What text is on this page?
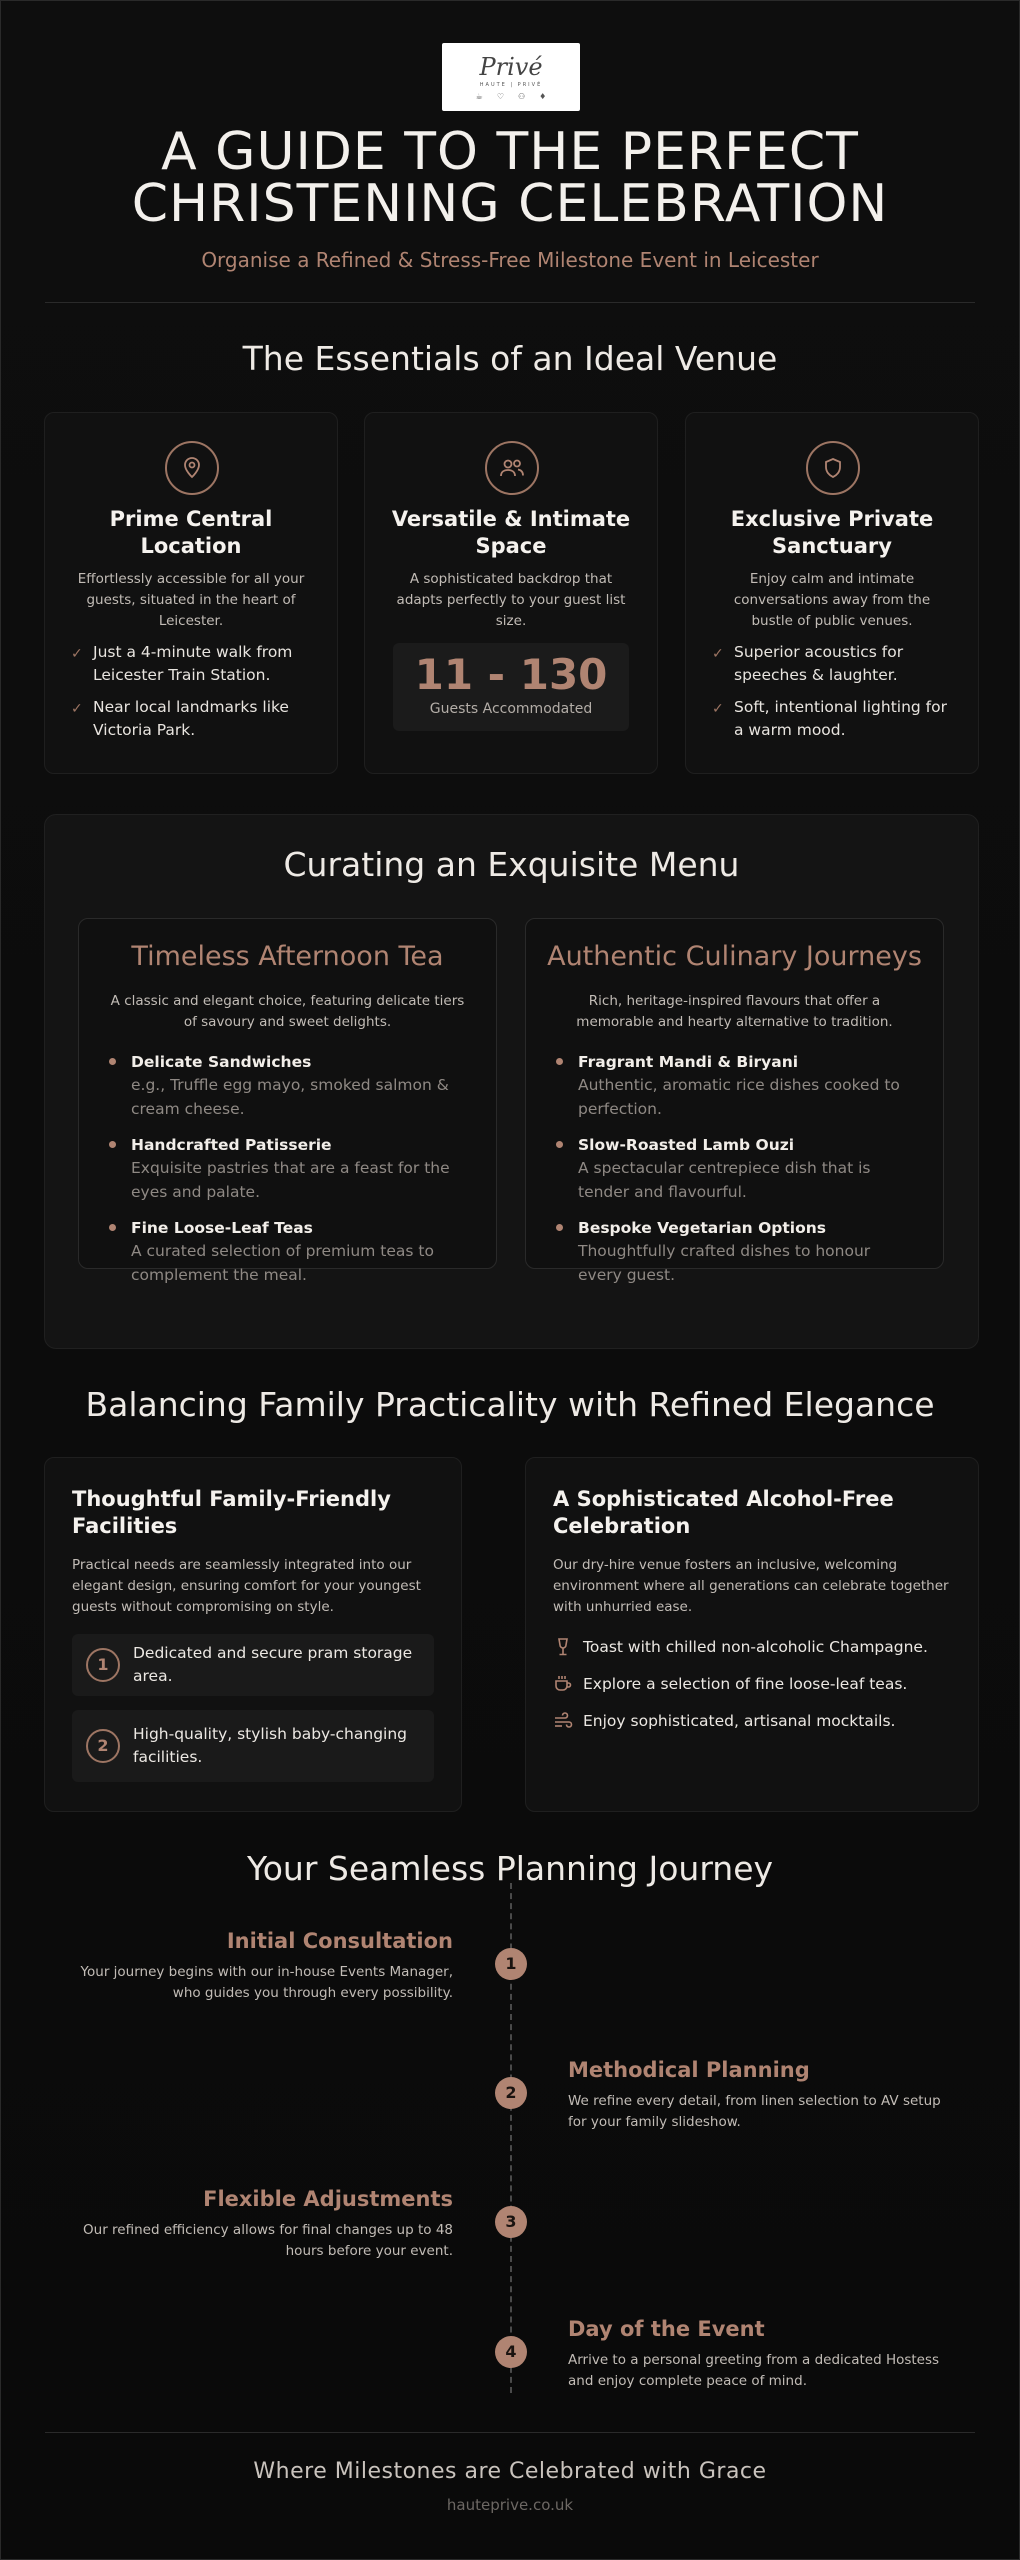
Privé
HAUTE | PRIVÉ
☕ ♡ ⚇ ♦
A GUIDE TO THE PERFECT
CHRISTENING CELEBRATION
Organise a Refined & Stress-Free Milestone Event in Leicester
The Essentials of an Ideal Venue
Prime Central Location
Effortlessly accessible for all your guests, situated in the heart of Leicester.
✓ Just a 4-minute walk from Leicester Train Station.
✓ Near local landmarks like Victoria Park.
Versatile & Intimate Space
A sophisticated backdrop that adapts perfectly to your guest list size.
11 - 130
Guests Accommodated
Exclusive Private Sanctuary
Enjoy calm and intimate conversations away from the bustle of public venues.
✓ Superior acoustics for speeches & laughter.
✓ Soft, intentional lighting for a warm mood.
Curating an Exquisite Menu
Timeless Afternoon Tea
A classic and elegant choice, featuring delicate tiers of savoury and sweet delights.
Delicate Sandwiches
e.g., Truffle egg mayo, smoked salmon & cream cheese.
Handcrafted Patisserie
Exquisite pastries that are a feast for the eyes and palate.
Fine Loose-Leaf Teas
A curated selection of premium teas to complement the meal.
Authentic Culinary Journeys
Rich, heritage-inspired flavours that offer a memorable and hearty alternative to tradition.
Fragrant Mandi & Biryani
Authentic, aromatic rice dishes cooked to perfection.
Slow-Roasted Lamb Ouzi
A spectacular centrepiece dish that is tender and flavourful.
Bespoke Vegetarian Options
Thoughtfully crafted dishes to honour every guest.
Balancing Family Practicality with Refined Elegance
Thoughtful Family-Friendly Facilities
Practical needs are seamlessly integrated into our elegant design, ensuring comfort for your youngest guests without compromising on style.
1
Dedicated and secure pram storage area.
2
High-quality, stylish baby-changing facilities.
A Sophisticated Alcohol-Free Celebration
Our dry-hire venue fosters an inclusive, welcoming environment where all generations can celebrate together with unhurried ease.
Toast with chilled non-alcoholic Champagne.
Explore a selection of fine loose-leaf teas.
Enjoy sophisticated, artisanal mocktails.
Your Seamless Planning Journey
1
Initial Consultation

Your journey begins with our in-house Events Manager, who guides you through every possibility.

2
Methodical Planning

We refine every detail, from linen selection to AV setup for your family slideshow.

3
Flexible Adjustments

Our refined efficiency allows for final changes up to 48 hours before your event.

4
Day of the Event

Arrive to a personal greeting from a dedicated Hostess and enjoy complete peace of mind.

Where Milestones are Celebrated with Grace
hauteprive.co.uk
